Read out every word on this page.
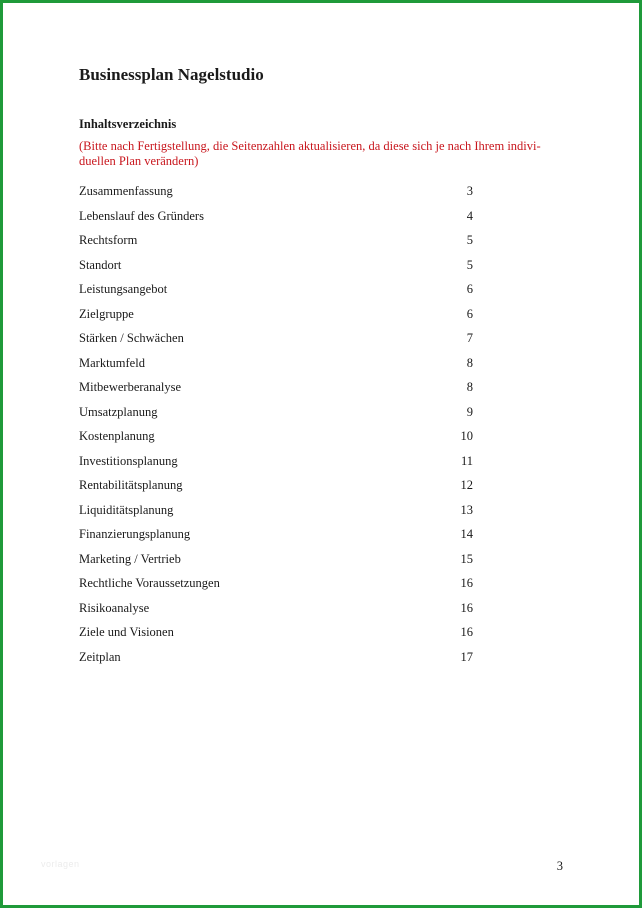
Businessplan Nagelstudio
Inhaltsverzeichnis

(Bitte nach Fertigstellung, die Seitenzahlen aktualisieren, da diese sich je nach Ihrem indivi-
duellen Plan verändern)

Zusammenfassung	3
Lebenslauf des Gründers	4
Rechtsform	5
Standort	5
Leistungsangebot	6
Zielgruppe	6
Stärken / Schwächen	7
Marktumfeld	8
Mitbewerberanalyse	8
Umsatzplanung	9
Kostenplanung	10
Investitionsplanung	11
Rentabilitätsplanung	12
Liquiditätsplanung	13
Finanzierungsplanung	14
Marketing / Vertrieb	15
Rechtliche Voraussetzungen	16
Risikoanalyse	16
Ziele und Visionen	16
Zeitplan	17
vorlagen	3
